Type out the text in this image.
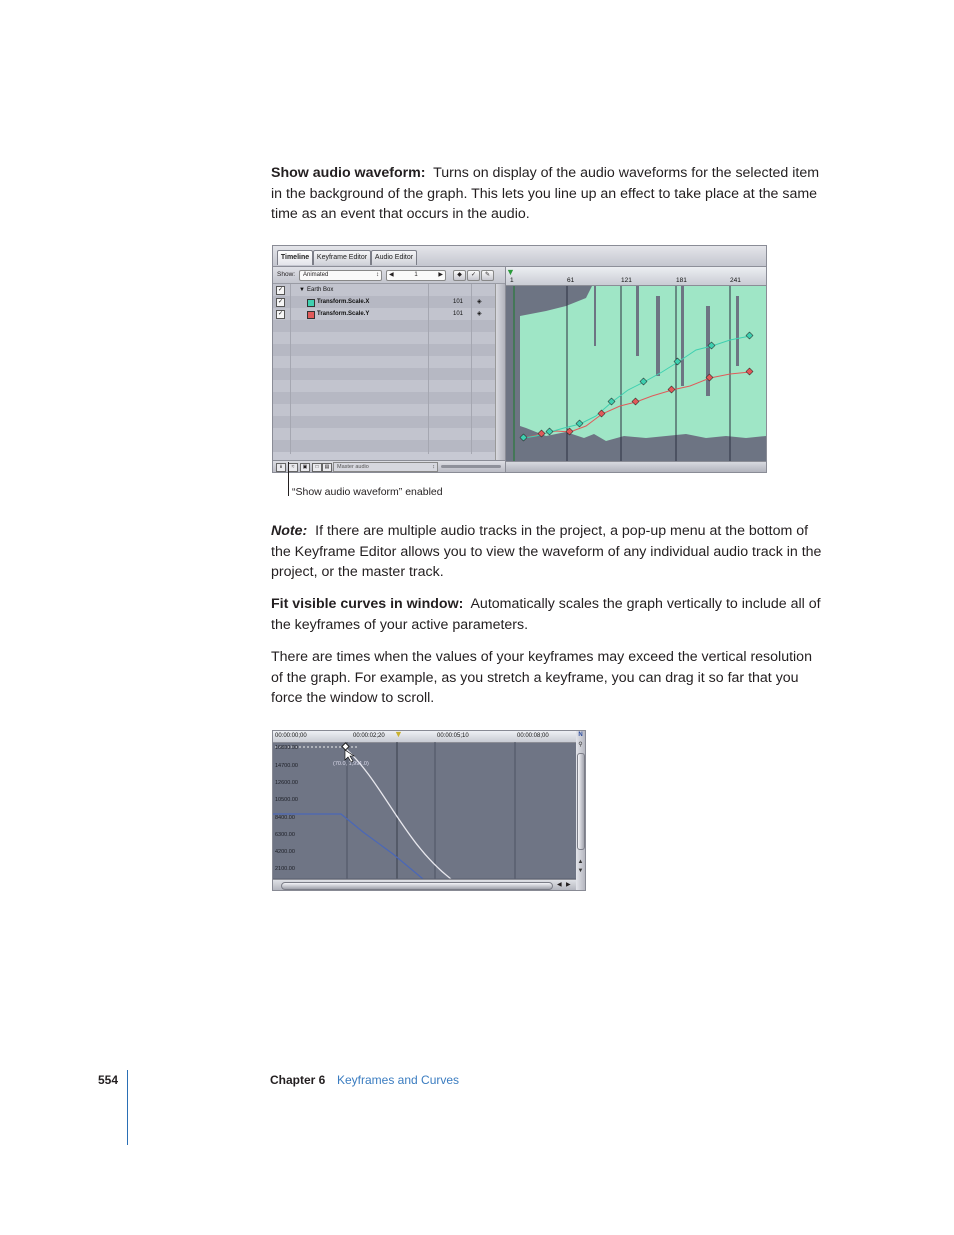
Show audio waveform: Turns on display of the audio waveforms for the selected item in the background of the graph. This lets you line up an effect to take place at the same time as an event that occurs in the audio.

Timeline	Keyframe Editor	Audio Editor
Show:	Animated	↕ ◀	1	▶	◆	✓	✎
✓	▼ Earth Box
✓	Transform.Scale.X	101 ◈
✓	Transform.Scale.Y	101 ◈
↡	≈	▣	□	▤	Master audio	↕
1	61	121	181	241
▼
“Show audio waveform” enabled

Note: If there are multiple audio tracks in the project, a pop-up menu at the bottom of the Keyframe Editor allows you to view the waveform of any individual audio track in the project, or the master track.

Fit visible curves in window: Automatically scales the graph vertically to include all of the keyframes of your active parameters.

There are times when the values of your keyframes may exceed the vertical resolution of the graph. For example, as you stretch a keyframe, you can drag it so far that you force the window to scroll.

00:00:00;00	00:00:02;20	00:00:05;10	00:00:08;00
▼
(70.0, 1,991.0)
16800.00
14700.00
12600.00
10500.00
8400.00
6300.00
4200.00
2100.00
N
⚲
▲
▼
◀ ▶
554	Chapter 6 Keyframes and Curves
